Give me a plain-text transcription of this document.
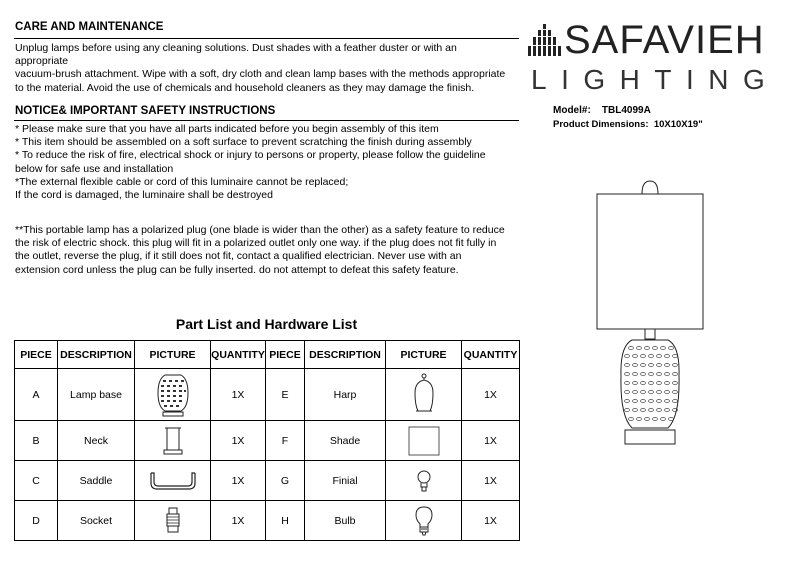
CARE AND MAINTENANCE
Unplug lamps before using any cleaning solutions. Dust shades with a feather duster or with an
appropriate
vacuum-brush attachment. Wipe with a soft, dry cloth and clean lamp bases with the methods appropriate
to the material. Avoid the use of chemicals and household cleaners as they may damage the finish.
NOTICE& IMPORTANT SAFETY INSTRUCTIONS
* Please make sure that you have all parts indicated before you begin assembly of this item
* This item should be assembled on a soft surface to prevent scratching the finish during assembly
* To reduce the risk of fire, electrical shock or injury to persons or property, please follow the guideline
below for safe use and installation
*The external flexible cable or cord of this luminaire cannot be replaced;
If the cord is damaged, the luminaire shall be destroyed
**This portable lamp has a polarized plug (one blade is wider than the other) as a safety feature to reduce
the risk of electric shock. this plug will fit in a polarized outlet only one way. if the plug does not fit fully in
the outlet, reverse the plug, if it still does not fit, contact a qualified electrician. Never use with an
extension cord unless the plug can be fully inserted. do not attempt to defeat this safety feature.
SAFAVIEH
LIGHTING
Model#: TBL4099A
Product Dimensions: 10X10X19"
Part List and Hardware List
PIECE	DESCRIPTION	PICTURE	QUANTITY	PIECE	DESCRIPTION	PICTURE	QUANTITY
A	Lamp base		1X	E	Harp		1X
B	Neck		1X	F	Shade		1X
C	Saddle		1X	G	Finial		1X
D	Socket		1X	H	Bulb		1X
